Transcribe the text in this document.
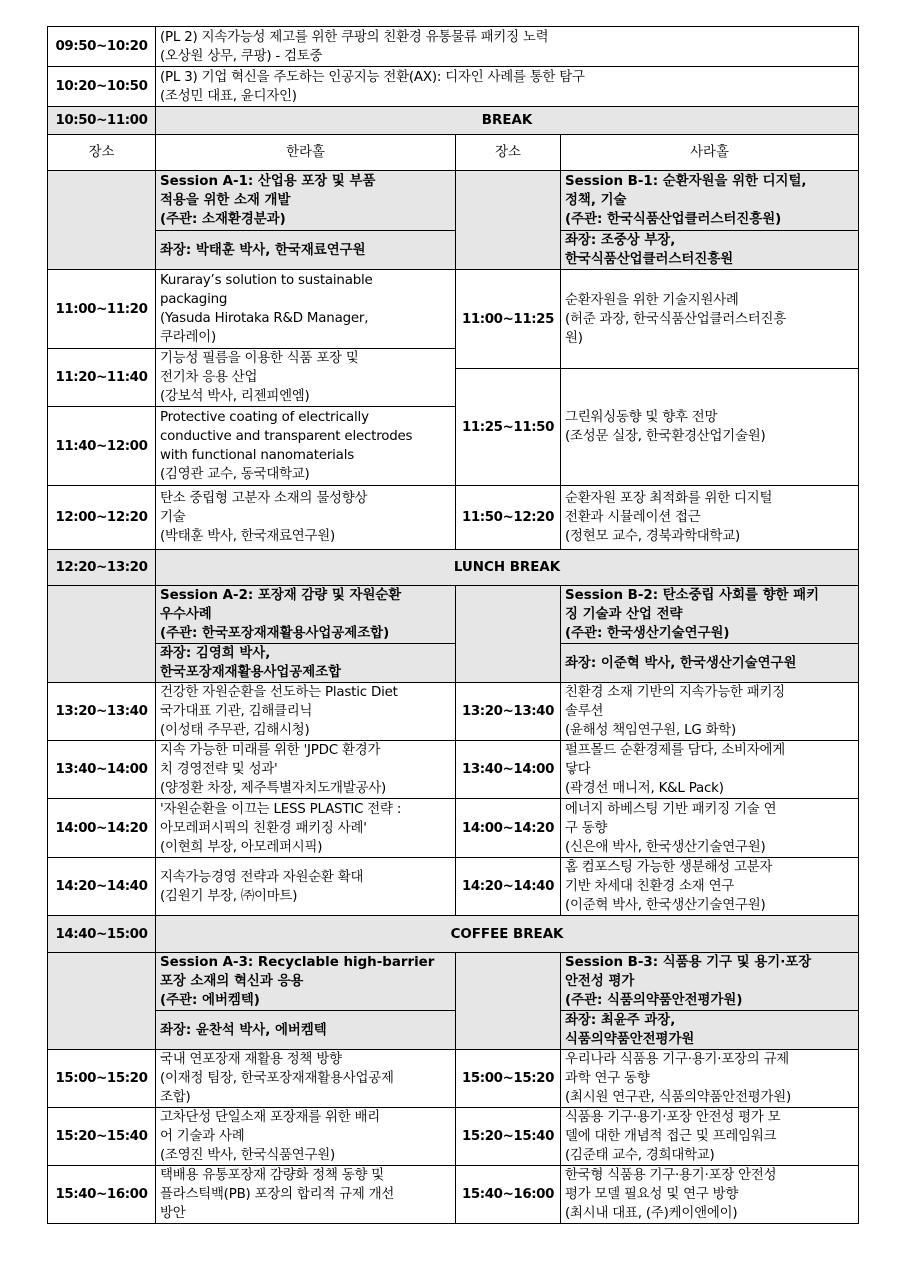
09:50~10:20	(PL 2) 지속가능성 제고를 위한 쿠팡의 친환경 유통물류 패키징 노력
(오상원 상무, 쿠팡) - 검토중		
10:20~10:50	(PL 3) 기업 혁신을 주도하는 인공지능 전환(AX): 디자인 사례를 통한 탐구
(조성민 대표, 윤디자인)		
10:50~11:00	BREAK		
장소	한라홀	장소	사라홀
	Session A-1: 산업용 포장 및 부품
적용을 위한 소재 개발
(주관: 소재환경분과)		Session B-1: 순환자원을 위한 디지털,
정책, 기술
(주관: 한국식품산업클러스터진흥원)
	좌장: 박태훈 박사, 한국재료연구원		좌장: 조중상 부장,
한국식품산업클러스터진흥원
11:00~11:20	Kuraray’s solution to sustainable
packaging
(Yasuda Hirotaka R&D Manager,
쿠라레이)	11:00~11:25	순환자원을 위한 기술지원사례
(허준 과장, 한국식품산업클러스터진흥
원)
11:20~11:40	기능성 필름을 이용한 식품 포장 및
전기차 응용 산업
(강보석 박사, 리젠피엔엠)		
		11:25~11:50	그린워싱동향 및 향후 전망
(조성문 실장, 한국환경산업기술원)
11:40~12:00	Protective coating of electrically
conductive and transparent electrodes
with functional nanomaterials
(김영관 교수, 동국대학교)		

12:00~12:20	탄소 중립형 고분자 소재의 물성향상
기술
(박태훈 박사, 한국재료연구원)	11:50~12:20	순환자원 포장 최적화를 위한 디지털
전환과 시뮬레이션 접근
(정현모 교수, 경북과학대학교)
12:20~13:20	LUNCH BREAK		
	Session A-2: 포장재 감량 및 자원순환
우수사례
(주관: 한국포장재재활용사업공제조합)		Session B-2: 탄소중립 사회를 향한 패키
징 기술과 산업 전략
(주관: 한국생산기술연구원)
	좌장: 김영희 박사,
한국포장재재활용사업공제조합		좌장: 이준혁 박사, 한국생산기술연구원
13:20~13:40	건강한 자원순환을 선도하는 Plastic Diet
국가대표 기관, 김해클리닉
(이성태 주무관, 김해시청)	13:20~13:40	친환경 소재 기반의 지속가능한 패키징
솔루션
(윤해성 책임연구원, LG 화학)
13:40~14:00	지속 가능한 미래를 위한 'JPDC 환경가
치 경영전략 및 성과'
(양정환 차장, 제주특별자치도개발공사)	13:40~14:00	펄프몰드 순환경제를 담다, 소비자에게
닿다
(곽경선 매니저, K&L Pack)
14:00~14:20	'자원순환을 이끄는 LESS PLASTIC 전략 :
아모레퍼시픽의 친환경 패키징 사례'
(이현희 부장, 아모레퍼시픽)	14:00~14:20	에너지 하베스팅 기반 패키징 기술 연
구 동향
(신은애 박사, 한국생산기술연구원)
14:20~14:40	지속가능경영 전략과 자원순환 확대
(김원기 부장, ㈜이마트)	14:20~14:40	홈 컴포스팅 가능한 생분해성 고분자
기반 차세대 친환경 소재 연구
(이준혁 박사, 한국생산기술연구원)
14:40~15:00	COFFEE BREAK		
	Session A-3: Recyclable high-barrier
포장 소재의 혁신과 응용
(주관: 에버켐텍)		Session B-3: 식품용 기구 및 용기·포장
안전성 평가
(주관: 식품의약품안전평가원)
	좌장: 윤찬석 박사, 에버켐텍		좌장: 최윤주 과장,
식품의약품안전평가원
15:00~15:20	국내 연포장재 재활용 정책 방향
(이재정 팀장, 한국포장재재활용사업공제
조합)	15:00~15:20	우리나라 식품용 기구·용기·포장의 규제
과학 연구 동향
(최시원 연구관, 식품의약품안전평가원)
15:20~15:40	고차단성 단일소재 포장재를 위한 배리
어 기술과 사례
(조영진 박사, 한국식품연구원)	15:20~15:40	식품용 기구·용기·포장 안전성 평가 모
델에 대한 개념적 접근 및 프레임워크
(김준태 교수, 경희대학교)
15:40~16:00	택배용 유통포장재 감량화 정책 동향 및
플라스틱백(PB) 포장의 합리적 규제 개선
방안	15:40~16:00	한국형 식품용 기구·용기·포장 안전성
평가 모델 필요성 및 연구 방향
(최시내 대표, (주)케이앤에이)
